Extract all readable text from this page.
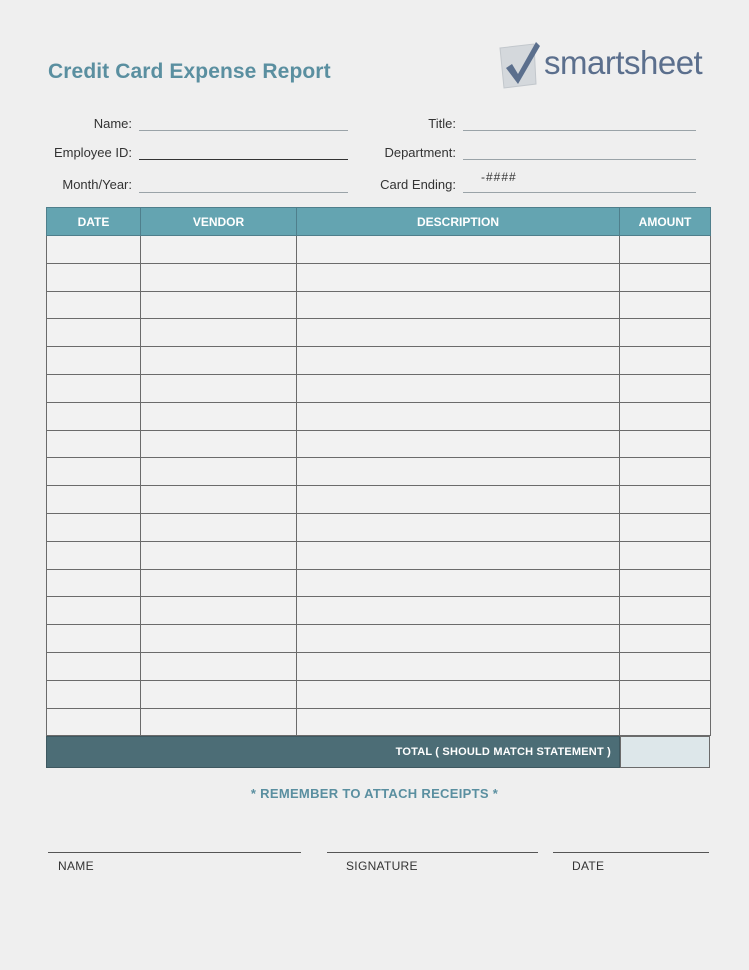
Credit Card Expense Report	smartsheet
Name:
Employee ID:
Month/Year:
Title:
Department:
Card Ending: -####
DATE	VENDOR	DESCRIPTION	AMOUNT

TOTAL ( SHOULD MATCH STATEMENT )
* REMEMBER TO ATTACH RECEIPTS *
NAME	SIGNATURE	DATE
